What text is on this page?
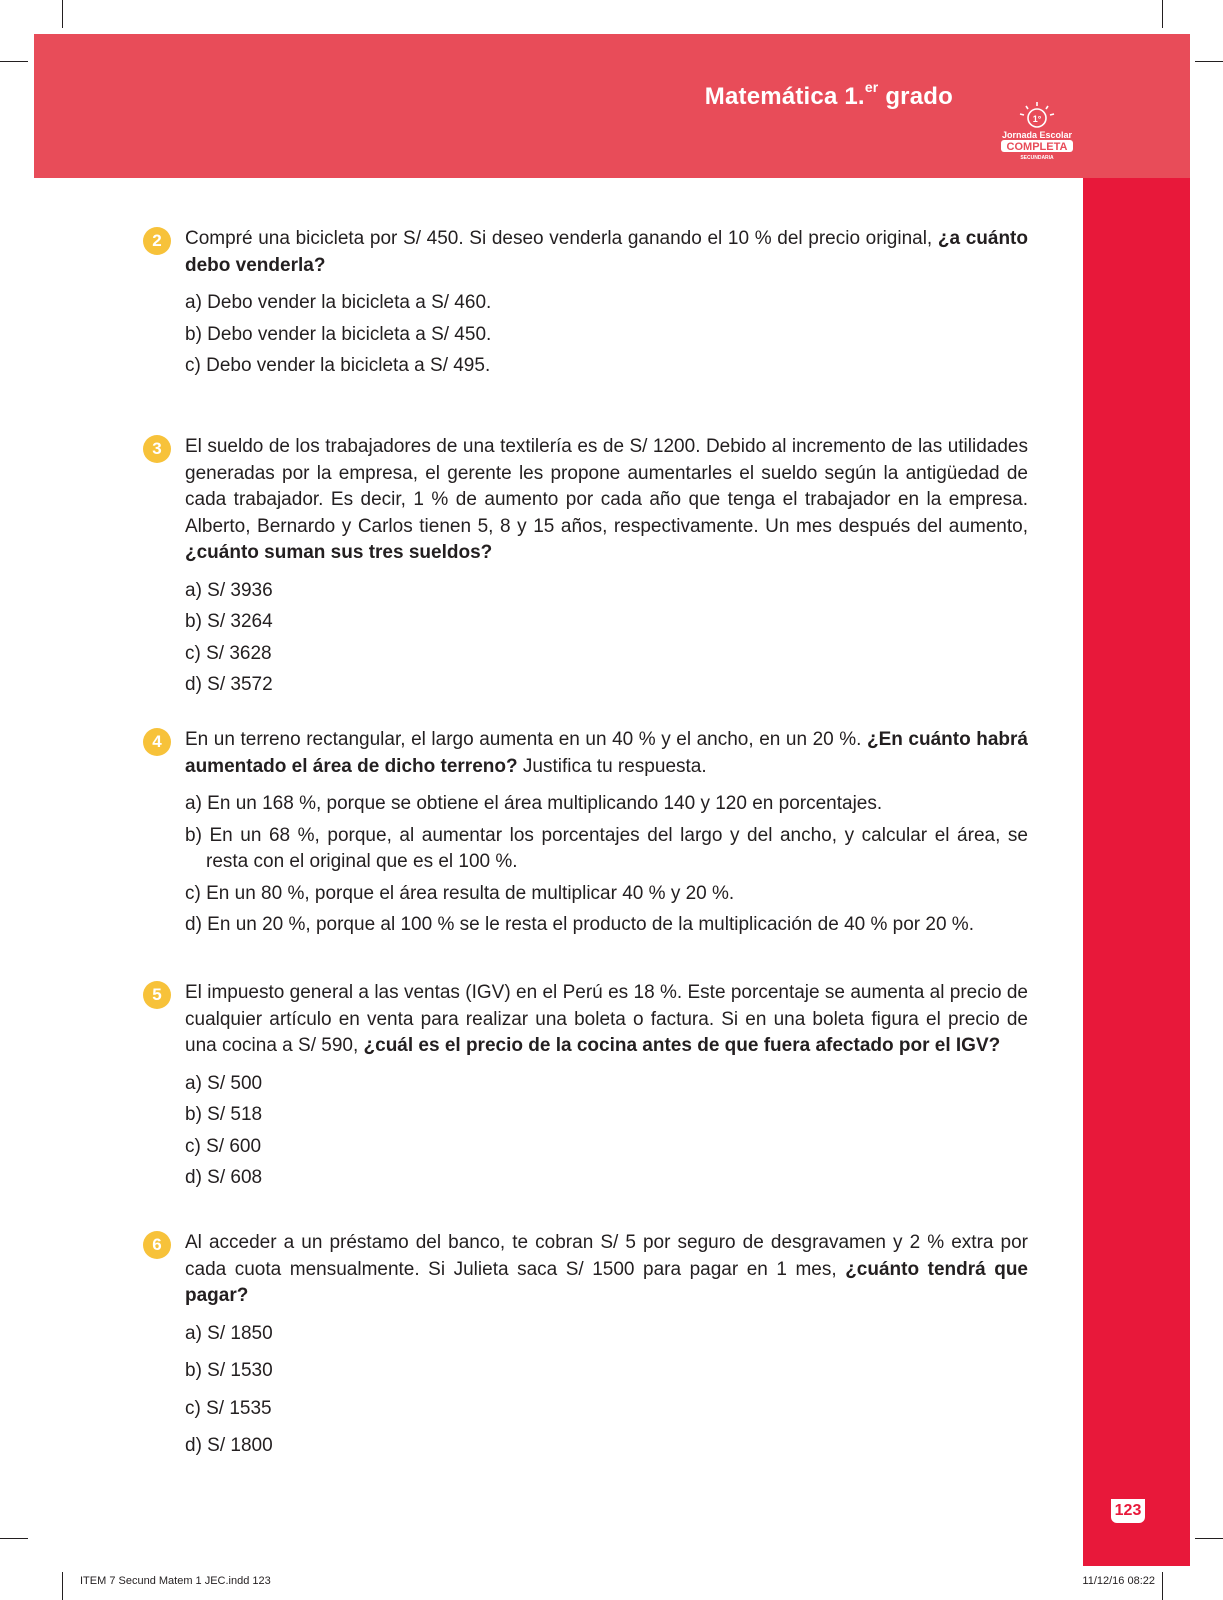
Matemática 1.$^{er}$ grado
1°
Jornada Escolar
COMPLETA
SECUNDARIA
123
2	Compré una bicicleta por S/ 450. Si deseo venderla ganando el 10 % del precio original, ¿a cuánto debo venderla?
a) Debo vender la bicicleta a S/ 460.
b) Debo vender la bicicleta a S/ 450.
c) Debo vender la bicicleta a S/ 495.
3	El sueldo de los trabajadores de una textilería es de S/ 1200. Debido al incremento de las utilidades generadas por la empresa, el gerente les propone aumentarles el sueldo según la antigüedad de cada trabajador. Es decir, 1 % de aumento por cada año que tenga el trabajador en la empresa. Alberto, Bernardo y Carlos tienen 5, 8 y 15 años, respectivamente. Un mes después del aumento, ¿cuánto suman sus tres sueldos?
a) S/ 3936
b) S/ 3264
c) S/ 3628
d) S/ 3572
4	En un terreno rectangular, el largo aumenta en un 40 % y el ancho, en un 20 %. ¿En cuánto habrá aumentado el área de dicho terreno? Justifica tu respuesta.
a) En un 168 %, porque se obtiene el área multiplicando 140 y 120 en porcentajes.
b) En un 68 %, porque, al aumentar los porcentajes del largo y del ancho, y calcular el área, se resta con el original que es el 100 %.
c) En un 80 %, porque el área resulta de multiplicar 40 % y 20 %.
d) En un 20 %, porque al 100 % se le resta el producto de la multiplicación de 40 % por 20 %.
5	El impuesto general a las ventas (IGV) en el Perú es 18 %. Este porcentaje se aumenta al precio de cualquier artículo en venta para realizar una boleta o factura. Si en una boleta figura el precio de una cocina a S/ 590, ¿cuál es el precio de la cocina antes de que fuera afectado por el IGV?
a) S/ 500
b) S/ 518
c) S/ 600
d) S/ 608
6	Al acceder a un préstamo del banco, te cobran S/ 5 por seguro de desgravamen y 2 % extra por cada cuota mensualmente. Si Julieta saca S/ 1500 para pagar en 1 mes, ¿cuánto tendrá que pagar?
a) S/ 1850
b) S/ 1530
c) S/ 1535
d) S/ 1800
ITEM 7 Secund Matem 1 JEC.indd 123	11/12/16 08:22
